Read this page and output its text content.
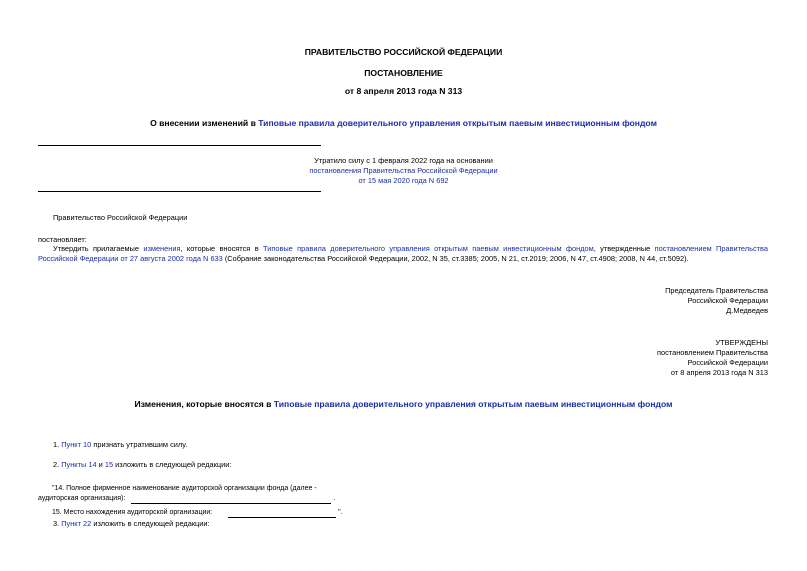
ПРАВИТЕЛЬСТВО РОССИЙСКОЙ ФЕДЕРАЦИИ
ПОСТАНОВЛЕНИЕ
от 8 апреля 2013 года N 313
О внесении изменений в Типовые правила доверительного управления открытым паевым инвестиционным фондом
Утратило силу с 1 февраля 2022 года на основании
постановления Правительства Российской Федерации
от 15 мая 2020 года N 692
Правительство Российской Федерации
постановляет:
Утвердить прилагаемые изменения, которые вносятся в Типовые правила доверительного управления открытым паевым инвестиционным фондом, утвержденные постановлением Правительства Российской Федерации от 27 августа 2002 года N 633 (Собрание законодательства Российской Федерации, 2002, N 35, ст.3385; 2005, N 21, ст.2019; 2006, N 47, ст.4908; 2008, N 44, ст.5092).
Председатель Правительства
Российской Федерации
Д.Медведев
УТВЕРЖДЕНЫ
постановлением Правительства
Российской Федерации
от 8 апреля 2013 года N 313
Изменения, которые вносятся в Типовые правила доверительного управления открытым паевым инвестиционным фондом
1. Пункт 10 признать утратившим силу.
2. Пункты 14 и 15 изложить в следующей редакции:
"14. Полное фирменное наименование аудиторской организации фонда (далее -
аудиторская организация):	.
15. Место нахождения аудиторской организации:	".
3. Пункт 22 изложить в следующей редакции:
